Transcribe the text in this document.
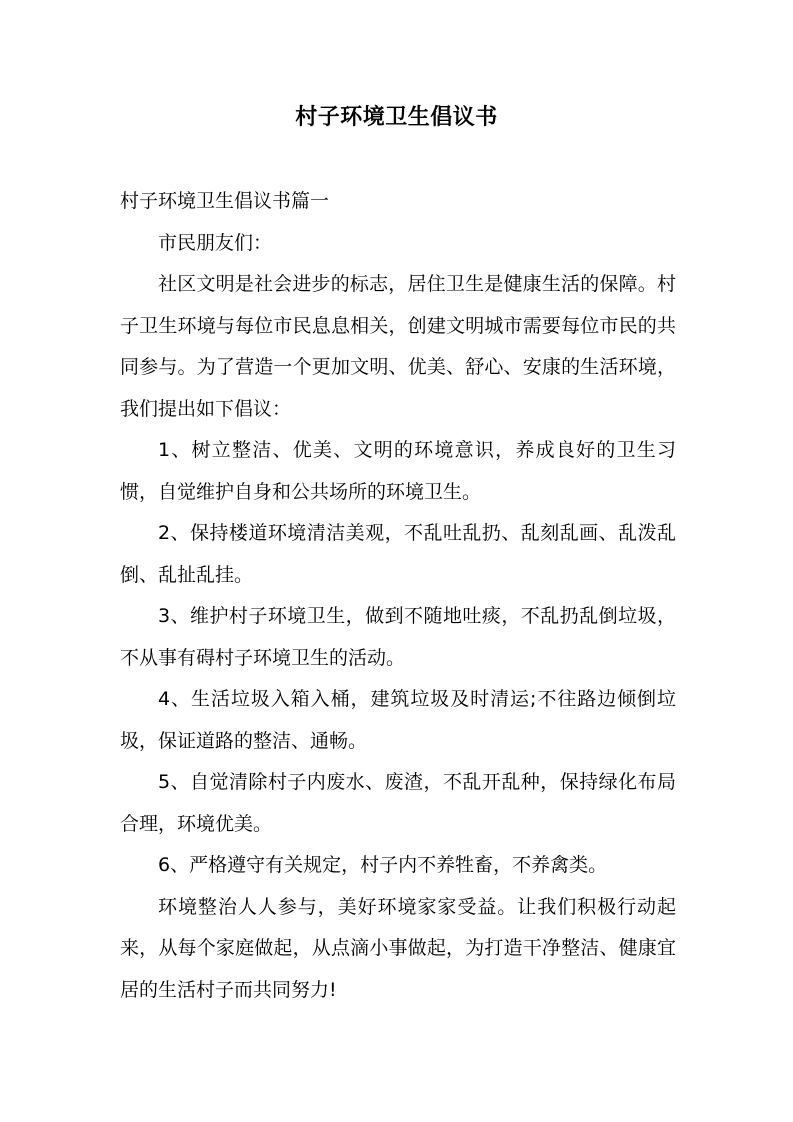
村子环境卫生倡议书

村子环境卫生倡议书篇一

市民朋友们：

社区文明是社会进步的标志，居住卫生是健康生活的保障。村子卫生环境与每位市民息息相关，创建文明城市需要每位市民的共同参与。为了营造一个更加文明、优美、舒心、安康的生活环境，我们提出如下倡议：

1、树立整洁、优美、文明的环境意识，养成良好的卫生习惯，自觉维护自身和公共场所的环境卫生。

2、保持楼道环境清洁美观，不乱吐乱扔、乱刻乱画、乱泼乱倒、乱扯乱挂。

3、维护村子环境卫生，做到不随地吐痰，不乱扔乱倒垃圾，不从事有碍村子环境卫生的活动。

4、生活垃圾入箱入桶，建筑垃圾及时清运;不往路边倾倒垃圾，保证道路的整洁、通畅。

5、自觉清除村子内废水、废渣，不乱开乱种，保持绿化布局合理，环境优美。

6、严格遵守有关规定，村子内不养牲畜，不养禽类。

环境整治人人参与，美好环境家家受益。让我们积极行动起来，从每个家庭做起，从点滴小事做起，为打造干净整洁、健康宜居的生活村子而共同努力!
